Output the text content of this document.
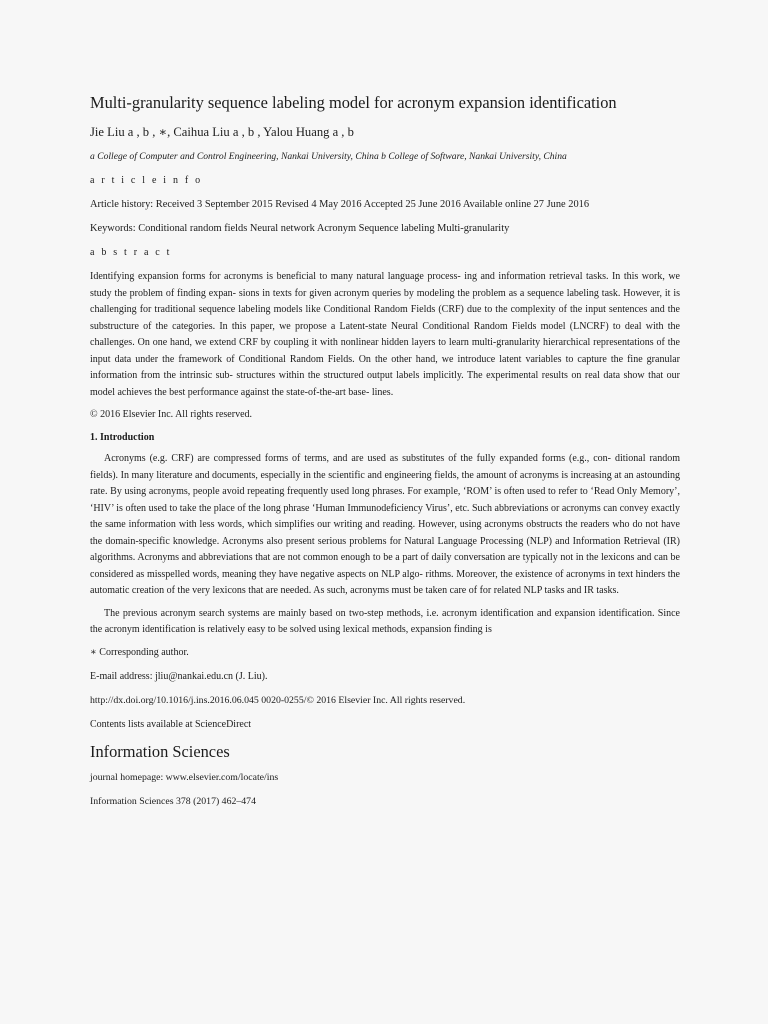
Multi-granularity sequence labeling model for acronym expansion identification

Jie Liu a , b , ∗, Caihua Liu a , b , Yalou Huang a , b

a College of Computer and Control Engineering, Nankai University, China b College of Software, Nankai University, China

a r t i c l e i n f o

Article history: Received 3 September 2015 Revised 4 May 2016 Accepted 25 June 2016 Available online 27 June 2016

Keywords: Conditional random fields Neural network Acronym Sequence labeling Multi-granularity

a b s t r a c t

Identifying expansion forms for acronyms is beneficial to many natural language process- ing and information retrieval tasks. In this work, we study the problem of finding expan- sions in texts for given acronym queries by modeling the problem as a sequence labeling task. However, it is challenging for traditional sequence labeling models like Conditional Random Fields (CRF) due to the complexity of the input sentences and the substructure of the categories. In this paper, we propose a Latent-state Neural Conditional Random Fields model (LNCRF) to deal with the challenges. On one hand, we extend CRF by coupling it with nonlinear hidden layers to learn multi-granularity hierarchical representations of the input data under the framework of Conditional Random Fields. On the other hand, we introduce latent variables to capture the fine granular information from the intrinsic sub- structures within the structured output labels implicitly. The experimental results on real data show that our model achieves the best performance against the state-of-the-art base- lines.

© 2016 Elsevier Inc. All rights reserved.

1. Introduction

Acronyms (e.g. CRF) are compressed forms of terms, and are used as substitutes of the fully expanded forms (e.g., con- ditional random fields). In many literature and documents, especially in the scientific and engineering fields, the amount of acronyms is increasing at an astounding rate. By using acronyms, people avoid repeating frequently used long phrases. For example, ‘ROM’ is often used to refer to ‘Read Only Memory’, ‘HIV’ is often used to take the place of the long phrase ‘Human Immunodeficiency Virus’, etc. Such abbreviations or acronyms can convey exactly the same information with less words, which simplifies our writing and reading. However, using acronyms obstructs the readers who do not have the domain-specific knowledge. Acronyms also present serious problems for Natural Language Processing (NLP) and Information Retrieval (IR) algorithms. Acronyms and abbreviations that are not common enough to be a part of daily conversation are typically not in the lexicons and can be considered as misspelled words, meaning they have negative aspects on NLP algo- rithms. Moreover, the existence of acronyms in text hinders the automatic creation of the very lexicons that are needed. As such, acronyms must be taken care of for related NLP tasks and IR tasks.

The previous acronym search systems are mainly based on two-step methods, i.e. acronym identification and expansion identification. Since the acronym identification is relatively easy to be solved using lexical methods, expansion finding is

∗ Corresponding author.

E-mail address: jliu@nankai.edu.cn (J. Liu).

http://dx.doi.org/10.1016/j.ins.2016.06.045 0020-0255/© 2016 Elsevier Inc. All rights reserved.

Contents lists available at ScienceDirect

Information Sciences

journal homepage: www.elsevier.com/locate/ins

Information Sciences 378 (2017) 462–474
